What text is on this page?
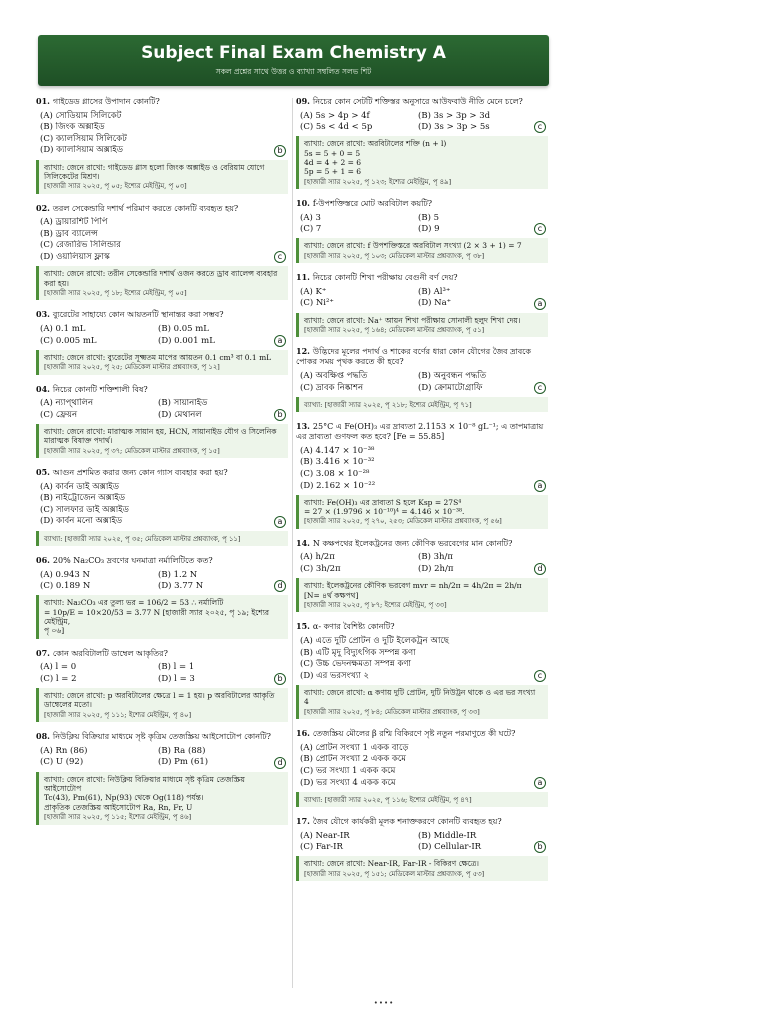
Subject Final Exam Chemistry A
সকল প্রশ্নের সাথে উত্তর ও ব্যাখ্যা সম্বলিত সলভ শিট
01. গাইডেড গ্লাসের উপাদান কোনটি?
(A) সোডিয়াম সিলিকেট
(B) জিংক অক্সাইড
(C) ক্যালসিয়াম সিলিকেট
(D) ক্যালসিয়াম অক্সাইড	b
ব্যাখ্যা: জেনে রাখো: গাইডেড গ্লাস হলো জিংক অক্সাইড ও বেরিয়াম যোগে
সিলিকেটের মিশ্রণ।
[হাজারী স্যার ২০২৫, পৃ ০৫; ইশ্যের মেইন্ট্রিম, পৃ ০৩]
02. তরল সেকেন্ডারি দশার্থ পরিমাণ করতে কোনটি ব্যবহৃত হয়?
(A) ড্রায়ারশিট পিপি
(B) ড্রাব ব্যালেন্স
(C) রেজারিভ সিলিন্ডার
(D) ওয়ালিয়াস ফ্লাস্ক	c
ব্যাখ্যা: জেনে রাখো: তরীন সেকেন্ডারি দশার্থ ওজন করতে ড্রাব ব্যালেন্স ব্যবহার
করা হয়।
[হাজারী স্যার ২০২৫, পৃ ১৮; ইশ্যের মেইন্ট্রিম, পৃ ০৫]
03. ব্যুরেটের সাহায্যে কোন আয়তনটি স্থানান্তর করা সম্ভব?
(A) 0.1 mL	(B) 0.05 mL
(C) 0.005 mL	(D) 0.001 mL	a
ব্যাখ্যা: জেনে রাখো: ব্যুরেটের সূক্ষ্মতম মাপের আয়তন 0.1 cm³ বা 0.1 mL
[হাজারী স্যার ২০২৫, পৃ ২৫; মেডিকেল মাস্টার প্রশ্নব্যাংক, পৃ ১২]
04. নিচের কোনটি শক্তিশালী বিষ?
(A) ন্যাপ্থালিন	(B) সায়ানাইড
(C) ফ্রেয়ন	(D) মেথানল	b
ব্যাখ্যা: জেনে রাখো: মারাত্মক সায়ান হয়, HCN, সায়ানাইড যৌগ ও সিলেনিক
মারাত্মক বিষাক্ত পদার্থ।
[হাজারী স্যার ২০২৫, পৃ ৩৭; মেডিকেল মাস্টার প্রশ্নব্যাংক, পৃ ১৫]
05. আগুন প্রশমিত করার জন্য কোন গ্যাস ব্যবহার করা হয়?
(A) কার্বন ডাই অক্সাইড
(B) নাইট্রোজেন অক্সাইড
(C) সালফার ডাই অক্সাইড
(D) কার্বন মনো অক্সাইড	a
ব্যাখ্যা: [হাজারী স্যার ২০২৫, পৃ ৩৫; মেডিকেল মাস্টার প্রশ্নব্যাংক, পৃ ১১]
06. 20% Na₂CO₃ দ্রবণের ঘনমাত্রা নর্মালিটিতে কত?
(A) 0.943 N	(B) 1.2 N
(C) 0.189 N	(D) 3.77 N	d
ব্যাখ্যা: Na₂CO₃ এর তুল্য ভর = 106/2 = 53 ∴ নর্মালিটি
= 10p/E = 10×20/53 = 3.77 N [হাজারী স্যার ২০২৫, পৃ ১৯; ইশ্যের মেইন্ট্রিম,
পৃ ০৬]
07. কোন অরবিটালটি ডাম্বেল আকৃতির?
(A) l = 0	(B) l = 1
(C) l = 2	(D) l = 3	b
ব্যাখ্যা: জেনে রাখো: p অরবিটালের ক্ষেত্রে l = 1 হয়। p অরবিটালের আকৃতি
ডাম্বেলের মতো।
[হাজারী স্যার ২০২৫, পৃ ১১১; ইশ্যের মেইন্ট্রিম, পৃ ৪০]
08. নিউক্লিয় বিক্রিয়ার মাধ্যমে সৃষ্ট কৃত্রিম তেজস্ক্রিয় আইসোটোপ কোনটি?
(A) Rn (86)	(B) Ra (88)
(C) U (92)	(D) Pm (61)	d
ব্যাখ্যা: জেনে রাখো: নিউক্লিয় বিক্রিয়ার মাধ্যমে সৃষ্ট কৃত্রিম তেজস্ক্রিয় আইসোটোপ
Tc(43), Pm(61), Np(93) থেকে Og(118) পর্যন্ত।
প্রাকৃতিক তেজস্ক্রিয় আইসোটোপ Ra, Rn, Fr, U
[হাজারী স্যার ২০২৫, পৃ ১১৫; ইশ্যের মেইন্ট্রিম, পৃ ৪৬]
09. নিচের কোন সেটটি শক্তিস্তর অনুসারে আউফবাউ নীতি মেনে চলে?
(A) 5s > 4p > 4f	(B) 3s > 3p > 3d
(C) 5s < 4d < 5p	(D) 3s > 3p > 5s	c
ব্যাখ্যা: জেনে রাখো: অরবিটালের শক্তি (n + l)
5s = 5 + 0 = 5
4d = 4 + 2 = 6
5p = 5 + 1 = 6
[হাজারী স্যার ২০২৫, পৃ ১২৩; ইশ্যের মেইন্ট্রিম, পৃ ৪৯]
10. f-উপশক্তিস্তরে মোট অরবিটাল কয়টি?
(A) 3	(B) 5
(C) 7	(D) 9	c
ব্যাখ্যা: জেনে রাখো: f উপশক্তিস্তরে অরবিটাল সংখ্যা (2 × 3 + 1) = 7
[হাজারী স্যার ২০২৫, পৃ ১০৩; মেডিকেল মাস্টার প্রশ্নব্যাংক, পৃ ৩৮]
11. নিচের কোনটি শিখা পরীক্ষায় বেগুনী বর্ণ দেয়?
(A) K⁺	(B) Al³⁺
(C) Ni²⁺	(D) Na⁺	a
ব্যাখ্যা: জেনে রাখো: Na⁺ আয়ন শিখা পরীক্ষায় সোনালী হলুদ শিখা দেয়।
[হাজারী স্যার ২০২৫, পৃ ১৬৪; মেডিকেল মাস্টার প্রশ্নব্যাংক, পৃ ৫১]
12. উদ্ভিদের মূলের পদার্থ ও শাকের বর্ণের ধারা কোন যৌগের জৈব দ্রাবকে পোকর সময় পৃথক করতে কী হবে?
(A) অবক্ষিপ্ত পদ্ধতি	(B) অনুবন্ধন পদ্ধতি
(C) দ্রাবক নিষ্কাশন	(D) ক্রোমাটোগ্রাফি	c
ব্যাখ্যা: [হাজারী স্যার ২০২৫, পৃ ২১৮; ইশ্যের মেইন্ট্রিম, পৃ ৭১]
13. 25°C এ Fe(OH)₃ এর দ্রাব্যতা 2.1153 × 10⁻⁸ gL⁻¹; এ তাপমাত্রায় এর দ্রাব্যতা গুণফল কত হবে? [Fe = 55.85]
(A) 4.147 × 10⁻³⁸
(B) 3.416 × 10⁻³²
(C) 3.08 × 10⁻²⁸
(D) 2.162 × 10⁻²²	a
ব্যাখ্যা: Fe(OH)₃ এর দ্রাব্যতা S হলে Ksp = 27S⁴
= 27 × (1.9796 × 10⁻¹⁰)⁴ = 4.146 × 10⁻³⁸.
[হাজারী স্যার ২০২৫, পৃ ২৭০, ২৫৩; মেডিকেল মাস্টার প্রশ্নব্যাংক, পৃ ৫৬]
14. N কক্ষপথের ইলেকট্রনের জন্য কৌণিক ভরবেগের মান কোনটি?
(A) h/2π	(B) 3h/π
(C) 3h/2π	(D) 2h/π	d
ব্যাখ্যা: ইলেকট্রনের কৌণিক ভরবেগ mvr = nh/2π = 4h/2π = 2h/π
[N= ৪র্থ কক্ষপথ]
[হাজারী স্যার ২০২৫, পৃ ৮৭; ইশ্যের মেইন্ট্রিম, পৃ ৩৩]
15. α- কণার বৈশিষ্ট্য কোনটি?
(A) এতে দুটি প্রোটন ও দুটি ইলেকট্রন আছে
(B) এটি মৃদু বিদ্যুৎগিক সম্পন্ন কণা
(C) উচ্চ ভেদনক্ষমতা সম্পন্ন কণা
(D) এর ভরসংখ্যা ২	c
ব্যাখ্যা: জেনে রাখো: α কণায় দুটি প্রোটন, দুটি নিউট্রন থাকে ও এর ভর সংখ্যা
4
[হাজারী স্যার ২০২৫, পৃ ৮৪; মেডিকেল মাস্টার প্রশ্নব্যাংক, পৃ ৩৩]
16. তেজস্ক্রিয় মৌলের β রশ্মি বিকিরণে সৃষ্ট নতুন পরমাণুতে কী ঘটে?
(A) প্রোটন সংখ্যা 1 একক বাড়ে
(B) প্রোটন সংখ্যা 2 একক কমে
(C) ভর সংখ্যা 1 একক কমে
(D) ভর সংখ্যা 4 একক কমে	a
ব্যাখ্যা: [হাজারী স্যার ২০২৫, পৃ ১১৬; ইশ্যের মেইন্ট্রিম, পৃ ৪৭]
17. জৈব যৌগে কার্যকরী মূলক শনাক্তকরণে কোনটি ব্যবহৃত হয়?
(A) Near-IR	(B) Middle-IR
(C) Far-IR	(D) Cellular-IR	b
ব্যাখ্যা: জেনে রাখো: Near-IR, Far-IR - বিকিরণ ক্ষেত্রে।
[হাজারী স্যার ২০২৫, পৃ ১৫১; মেডিকেল মাস্টার প্রশ্নব্যাংক, পৃ ৫৩]
••••
